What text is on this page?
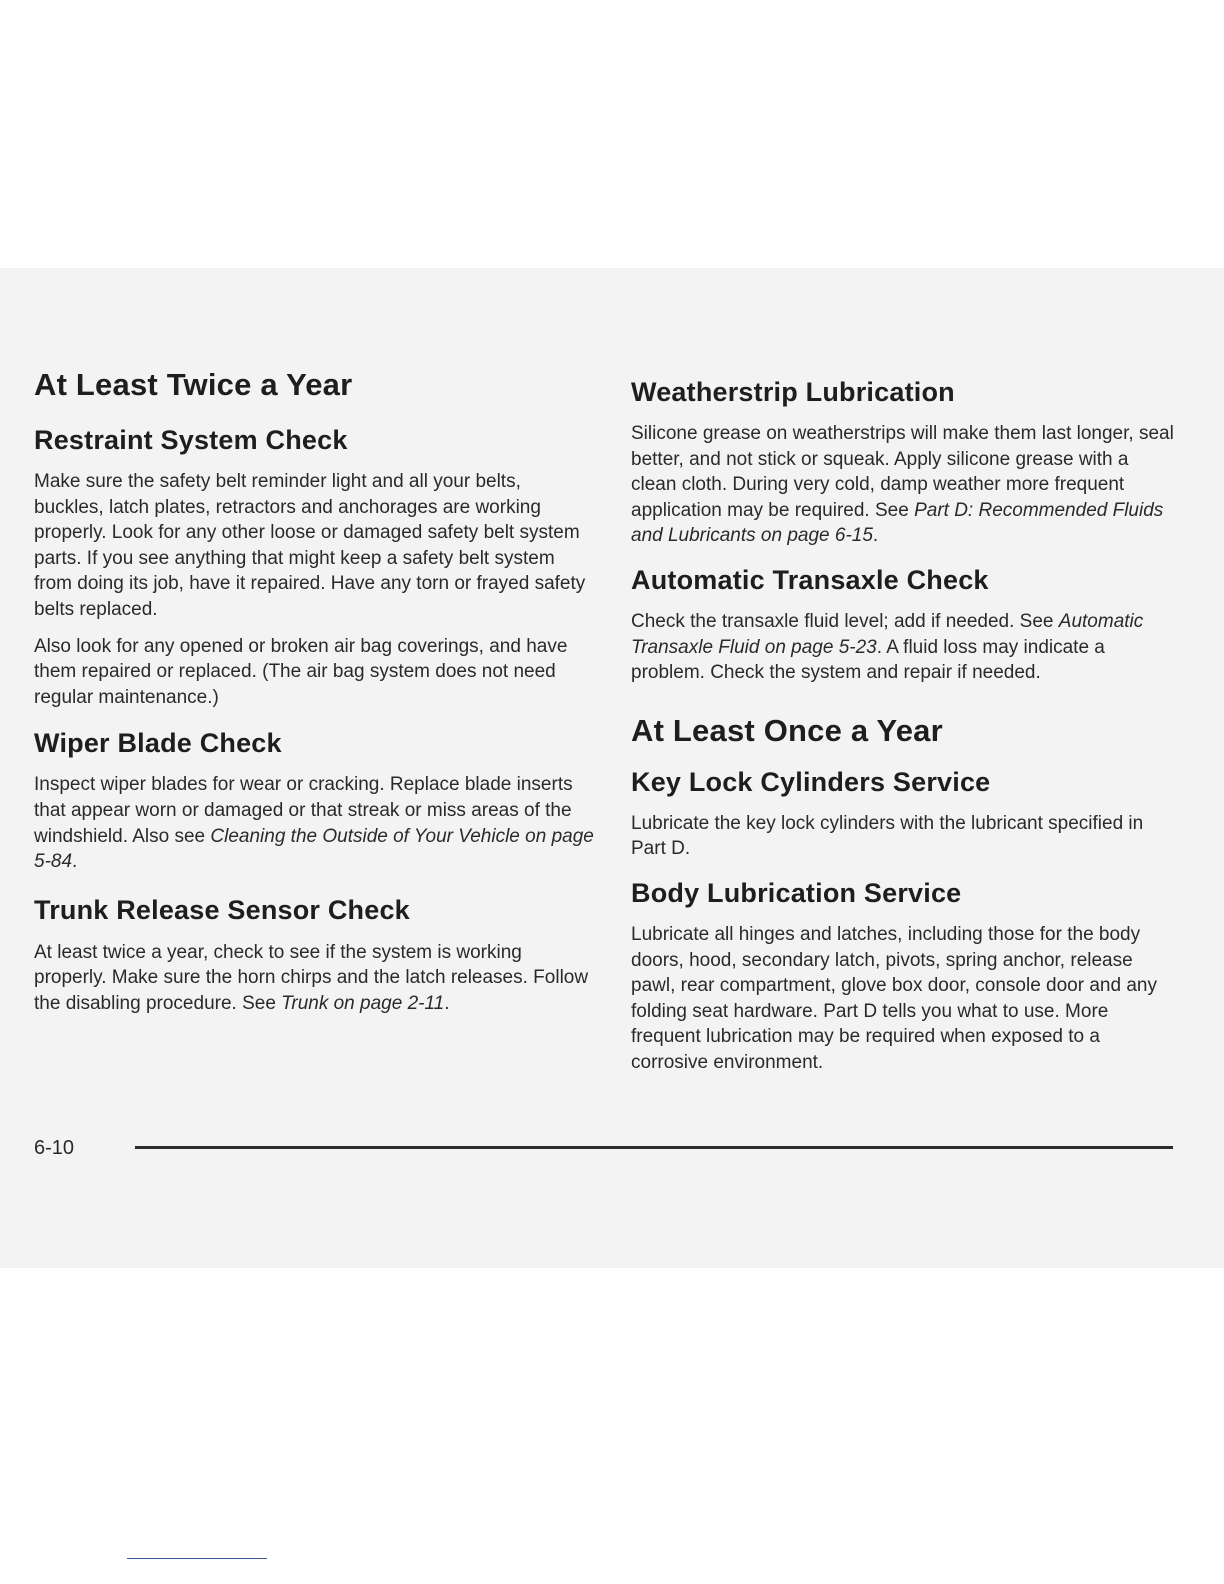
At Least Twice a Year
Restraint System Check

Make sure the safety belt reminder light and all your belts, buckles, latch plates, retractors and anchorages are working properly. Look for any other loose or damaged safety belt system parts. If you see anything that might keep a safety belt system from doing its job, have it repaired. Have any torn or frayed safety belts replaced.

Also look for any opened or broken air bag coverings, and have them repaired or replaced. (The air bag system does not need regular maintenance.)

Wiper Blade Check

Inspect wiper blades for wear or cracking. Replace blade inserts that appear worn or damaged or that streak or miss areas of the windshield. Also see Cleaning the Outside of Your Vehicle on page 5-84.

Trunk Release Sensor Check

At least twice a year, check to see if the system is working properly. Make sure the horn chirps and the latch releases. Follow the disabling procedure. See Trunk on page 2-11.

Weatherstrip Lubrication

Silicone grease on weatherstrips will make them last longer, seal better, and not stick or squeak. Apply silicone grease with a clean cloth. During very cold, damp weather more frequent application may be required. See Part D: Recommended Fluids and Lubricants on page 6-15.

Automatic Transaxle Check

Check the transaxle fluid level; add if needed. See Automatic Transaxle Fluid on page 5-23. A fluid loss may indicate a problem. Check the system and repair if needed.

At Least Once a Year
Key Lock Cylinders Service

Lubricate the key lock cylinders with the lubricant specified in Part D.

Body Lubrication Service

Lubricate all hinges and latches, including those for the body doors, hood, secondary latch, pivots, spring anchor, release pawl, rear compartment, glove box door, console door and any folding seat hardware. Part D tells you what to use. More frequent lubrication may be required when exposed to a corrosive environment.

6-10
